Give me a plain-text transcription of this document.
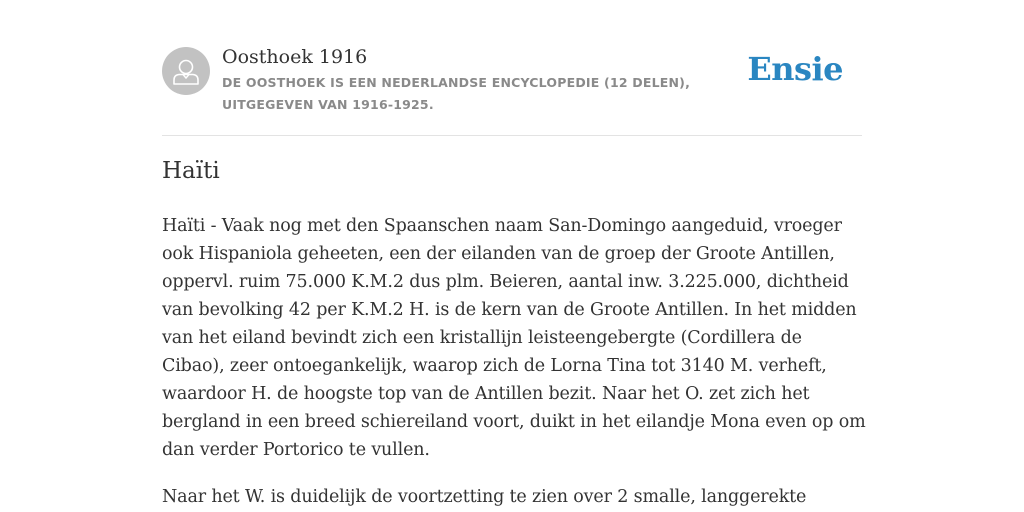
Oosthoek 1916
DE OOSTHOEK IS EEN NEDERLANDSE ENCYCLOPEDIE (12 DELEN), UITGEGEVEN VAN 1916-1925.
Ensie
Haïti

Haïti - Vaak nog met den Spaanschen naam San-Domingo aangeduid, vroeger ook Hispaniola geheeten, een der eilanden van de groep der Groote Antillen, oppervl. ruim 75.000 K.M.2 dus plm. Beieren, aantal inw. 3.225.000, dichtheid van bevolking 42 per K.M.2 H. is de kern van de Groote Antillen. In het midden van het eiland bevindt zich een kristallijn leisteengebergte (Cordillera de Cibao), zeer ontoegankelijk, waarop zich de Lorna Tina tot 3140 M. verheft, waardoor H. de hoogste top van de Antillen bezit. Naar het O. zet zich het bergland in een breed schiereiland voort, duikt in het eilandje Mona even op om dan verder Portorico te vullen.

Naar het W. is duidelijk de voortzetting te zien over 2 smalle, langgerekte
